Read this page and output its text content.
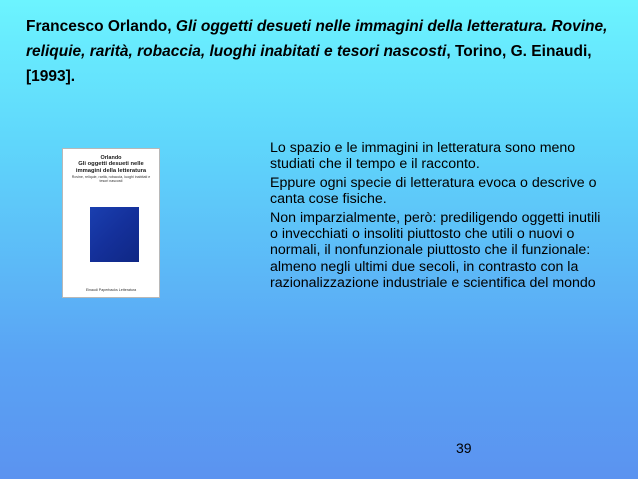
Francesco Orlando, Gli oggetti desueti nelle immagini della letteratura. Rovine, reliquie, rarità, robaccia, luoghi inabitati e tesori nascosti, Torino, G. Einaudi, [1993].
Orlando
Gli oggetti desueti nelle immagini della letteratura
Rovine, reliquie, rarità, robaccia, luoghi inabitati e tesori nascosti
Einaudi Paperbacks Letteratura

Lo spazio e le immagini in letteratura sono meno studiati che il tempo e il racconto.

Eppure ogni specie di letteratura evoca o descrive o canta cose fisiche.

Non imparzialmente, però: prediligendo oggetti inutili o invecchiati o insoliti piuttosto che utili o nuovi o normali, il nonfunzionale piuttosto che il funzionale: almeno negli ultimi due secoli, in contrasto con la razionalizzazione industriale e scientifica del mondo

39
